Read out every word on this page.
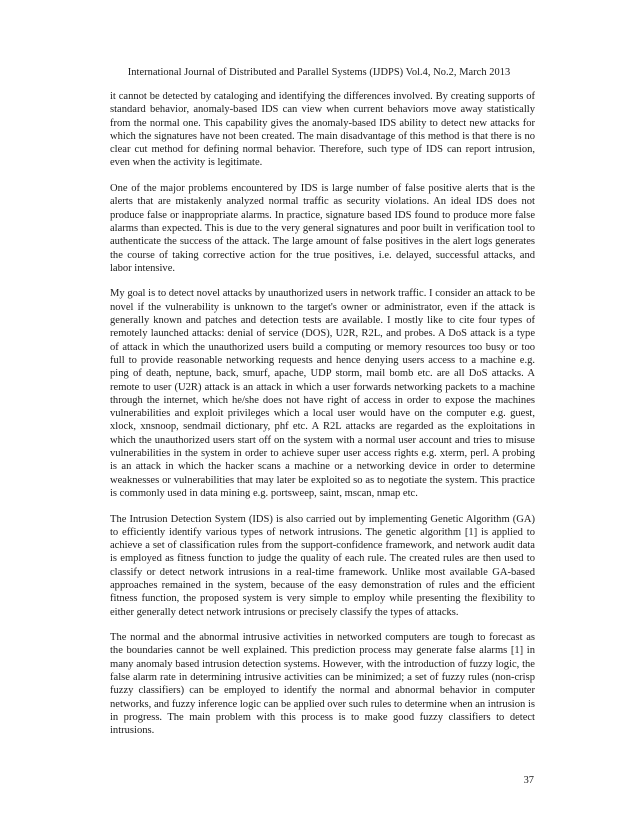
International Journal of Distributed and Parallel Systems (IJDPS) Vol.4, No.2, March 2013

it cannot be detected by cataloging and identifying the differences involved. By creating supports of standard behavior, anomaly-based IDS can view when current behaviors move away statistically from the normal one. This capability gives the anomaly-based IDS ability to detect new attacks for which the signatures have not been created. The main disadvantage of this method is that there is no clear cut method for defining normal behavior. Therefore, such type of IDS can report intrusion, even when the activity is legitimate.

One of the major problems encountered by IDS is large number of false positive alerts that is the alerts that are mistakenly analyzed normal traffic as security violations. An ideal IDS does not produce false or inappropriate alarms. In practice, signature based IDS found to produce more false alarms than expected. This is due to the very general signatures and poor built in verification tool to authenticate the success of the attack. The large amount of false positives in the alert logs generates the course of taking corrective action for the true positives, i.e. delayed, successful attacks, and labor intensive.

My goal is to detect novel attacks by unauthorized users in network traffic. I consider an attack to be novel if the vulnerability is unknown to the target's owner or administrator, even if the attack is generally known and patches and detection tests are available. I mostly like to cite four types of remotely launched attacks: denial of service (DOS), U2R, R2L, and probes. A DoS attack is a type of attack in which the unauthorized users build a computing or memory resources too busy or too full to provide reasonable networking requests and hence denying users access to a machine e.g. ping of death, neptune, back, smurf, apache, UDP storm, mail bomb etc. are all DoS attacks. A remote to user (U2R) attack is an attack in which a user forwards networking packets to a machine through the internet, which he/she does not have right of access in order to expose the machines vulnerabilities and exploit privileges which a local user would have on the computer e.g. guest, xlock, xnsnoop, sendmail dictionary, phf etc. A R2L attacks are regarded as the exploitations in which the unauthorized users start off on the system with a normal user account and tries to misuse vulnerabilities in the system in order to achieve super user access rights e.g. xterm, perl. A probing is an attack in which the hacker scans a machine or a networking device in order to determine weaknesses or vulnerabilities that may later be exploited so as to negotiate the system. This practice is commonly used in data mining e.g. portsweep, saint, mscan, nmap etc.

The Intrusion Detection System (IDS) is also carried out by implementing Genetic Algorithm (GA) to efficiently identify various types of network intrusions. The genetic algorithm [1] is applied to achieve a set of classification rules from the support-confidence framework, and network audit data is employed as fitness function to judge the quality of each rule. The created rules are then used to classify or detect network intrusions in a real-time framework. Unlike most available GA-based approaches remained in the system, because of the easy demonstration of rules and the efficient fitness function, the proposed system is very simple to employ while presenting the flexibility to either generally detect network intrusions or precisely classify the types of attacks.

The normal and the abnormal intrusive activities in networked computers are tough to forecast as the boundaries cannot be well explained. This prediction process may generate false alarms [1] in many anomaly based intrusion detection systems. However, with the introduction of fuzzy logic, the false alarm rate in determining intrusive activities can be minimized; a set of fuzzy rules (non-crisp fuzzy classifiers) can be employed to identify the normal and abnormal behavior in computer networks, and fuzzy inference logic can be applied over such rules to determine when an intrusion is in progress. The main problem with this process is to make good fuzzy classifiers to detect intrusions.

37
